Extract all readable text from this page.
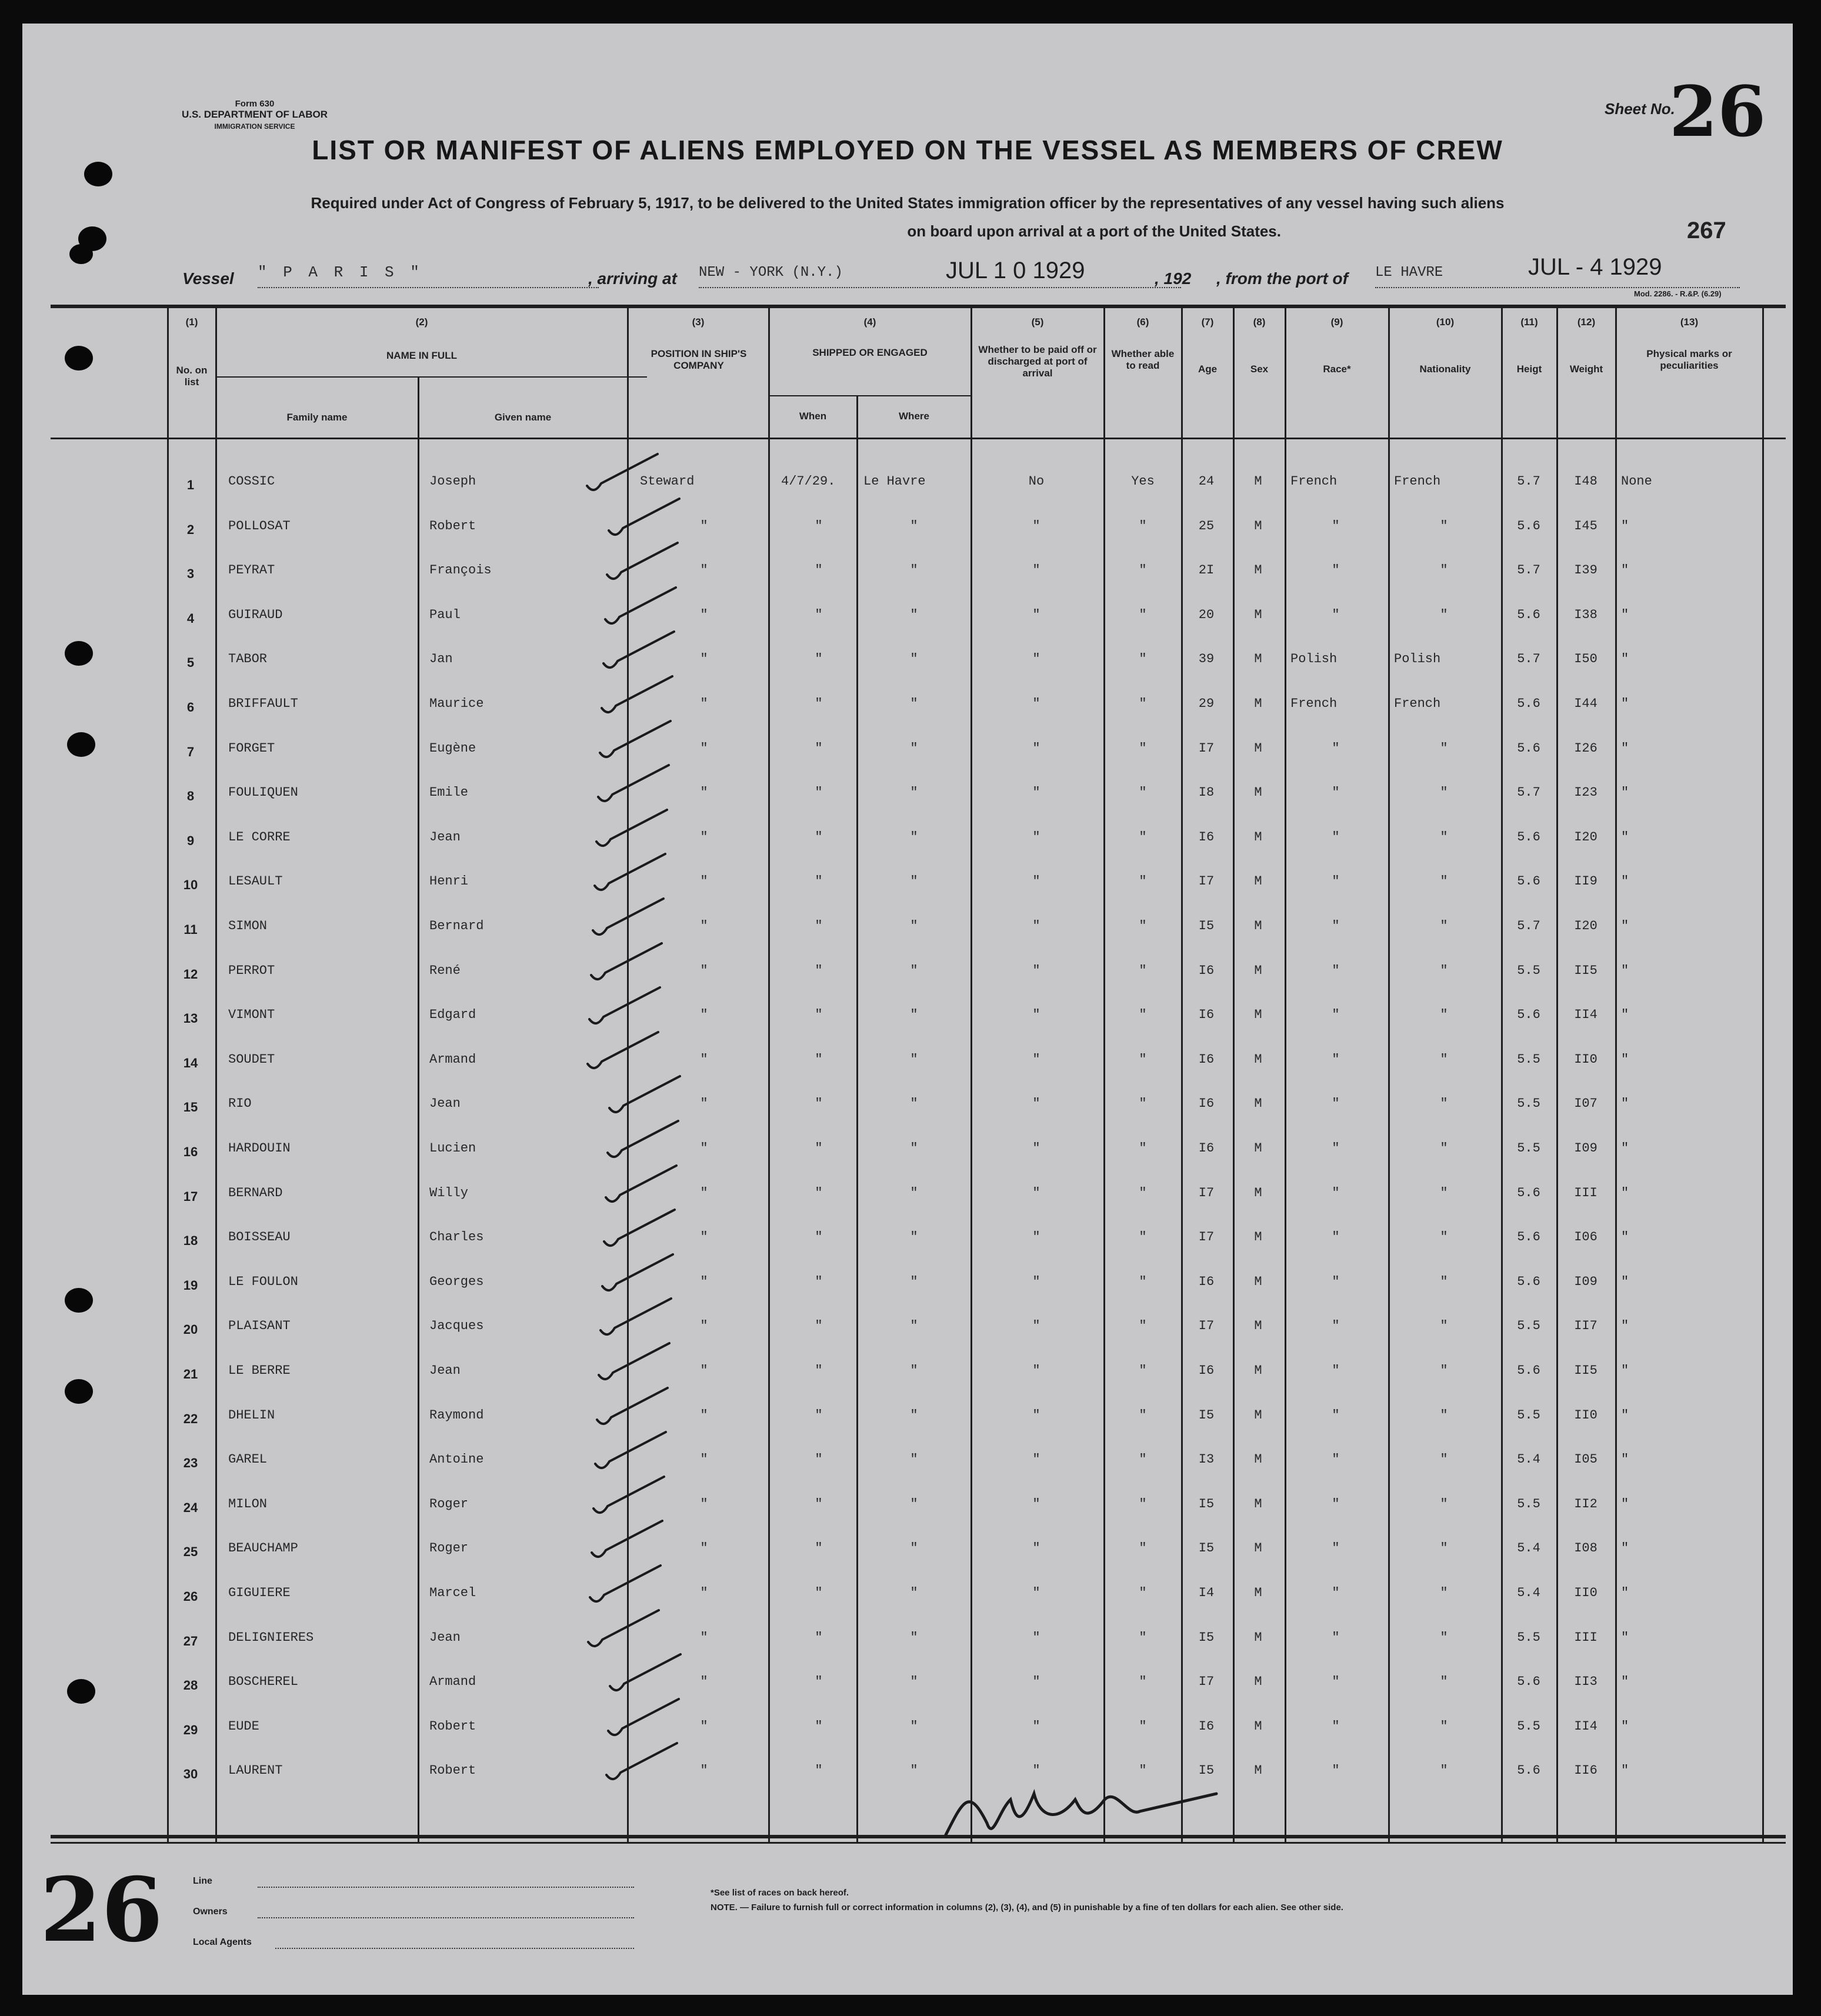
Form 630
U.S. DEPARTMENT OF LABOR
IMMIGRATION SERVICE
LIST OR MANIFEST OF ALIENS EMPLOYED ON THE VESSEL AS MEMBERS OF CREW
Sheet No.
26
Required under Act of Congress of February 5, 1917, to be delivered to the United States immigration officer by the representatives of any vessel having such aliens
on board upon arrival at a port of the United States.	267
Vessel " P A R I S "	, arriving at NEW - YORK (N.Y.)	JUL 1 0 1929	, 192 , from the port of LE HAVRE	JUL - 4 1929
Mod. 2286. - R.&P. (6.29)
(1)
No. on list
(2)
NAME IN FULL
Family name	Given name
(3)
POSITION IN SHIP'S COMPANY
(4)
SHIPPED OR ENGAGED
When	Where
(5)
Whether to be paid off or discharged at port of arrival
(6)
Whether able to read
(7)
Age
(8)
Sex
(9)
Race*
(10)
Nationality
(11)
Heigt
(12)
Weight
(13)
Physical marks or peculiarities
1	COSSIC	Joseph	Steward	4/7/29.	Le Havre	No	Yes	24	M	French	French	5.7	I48	None
2	POLLOSAT	Robert	"	"	"	"	"	25	M	"	"	5.6	I45	"
3	PEYRAT	François	"	"	"	"	"	2I	M	"	"	5.7	I39	"
4	GUIRAUD	Paul	"	"	"	"	"	20	M	"	"	5.6	I38	"
5	TABOR	Jan	"	"	"	"	"	39	M	Polish	Polish	5.7	I50	"
6	BRIFFAULT	Maurice	"	"	"	"	"	29	M	French	French	5.6	I44	"
7	FORGET	Eugène	"	"	"	"	"	I7	M	"	"	5.6	I26	"
8	FOULIQUEN	Emile	"	"	"	"	"	I8	M	"	"	5.7	I23	"
9	LE CORRE	Jean	"	"	"	"	"	I6	M	"	"	5.6	I20	"
10	LESAULT	Henri	"	"	"	"	"	I7	M	"	"	5.6	II9	"
11	SIMON	Bernard	"	"	"	"	"	I5	M	"	"	5.7	I20	"
12	PERROT	René	"	"	"	"	"	I6	M	"	"	5.5	II5	"
13	VIMONT	Edgard	"	"	"	"	"	I6	M	"	"	5.6	II4	"
14	SOUDET	Armand	"	"	"	"	"	I6	M	"	"	5.5	II0	"
15	RIO	Jean	"	"	"	"	"	I6	M	"	"	5.5	I07	"
16	HARDOUIN	Lucien	"	"	"	"	"	I6	M	"	"	5.5	I09	"
17	BERNARD	Willy	"	"	"	"	"	I7	M	"	"	5.6	III	"
18	BOISSEAU	Charles	"	"	"	"	"	I7	M	"	"	5.6	I06	"
19	LE FOULON	Georges	"	"	"	"	"	I6	M	"	"	5.6	I09	"
20	PLAISANT	Jacques	"	"	"	"	"	I7	M	"	"	5.5	II7	"
21	LE BERRE	Jean	"	"	"	"	"	I6	M	"	"	5.6	II5	"
22	DHELIN	Raymond	"	"	"	"	"	I5	M	"	"	5.5	II0	"
23	GAREL	Antoine	"	"	"	"	"	I3	M	"	"	5.4	I05	"
24	MILON	Roger	"	"	"	"	"	I5	M	"	"	5.5	II2	"
25	BEAUCHAMP	Roger	"	"	"	"	"	I5	M	"	"	5.4	I08	"
26	GIGUIERE	Marcel	"	"	"	"	"	I4	M	"	"	5.4	II0	"
27	DELIGNIERES	Jean	"	"	"	"	"	I5	M	"	"	5.5	III	"
28	BOSCHEREL	Armand	"	"	"	"	"	I7	M	"	"	5.6	II3	"
29	EUDE	Robert	"	"	"	"	"	I6	M	"	"	5.5	II4	"
30	LAURENT	Robert	"	"	"	"	"	I5	M	"	"	5.6	II6	"
26	Line
Owners
Local Agents
*See list of races on back hereof.
NOTE. — Failure to furnish full or correct information in columns (2), (3), (4), and (5) in punishable by a fine of ten dollars for each alien. See other side.
